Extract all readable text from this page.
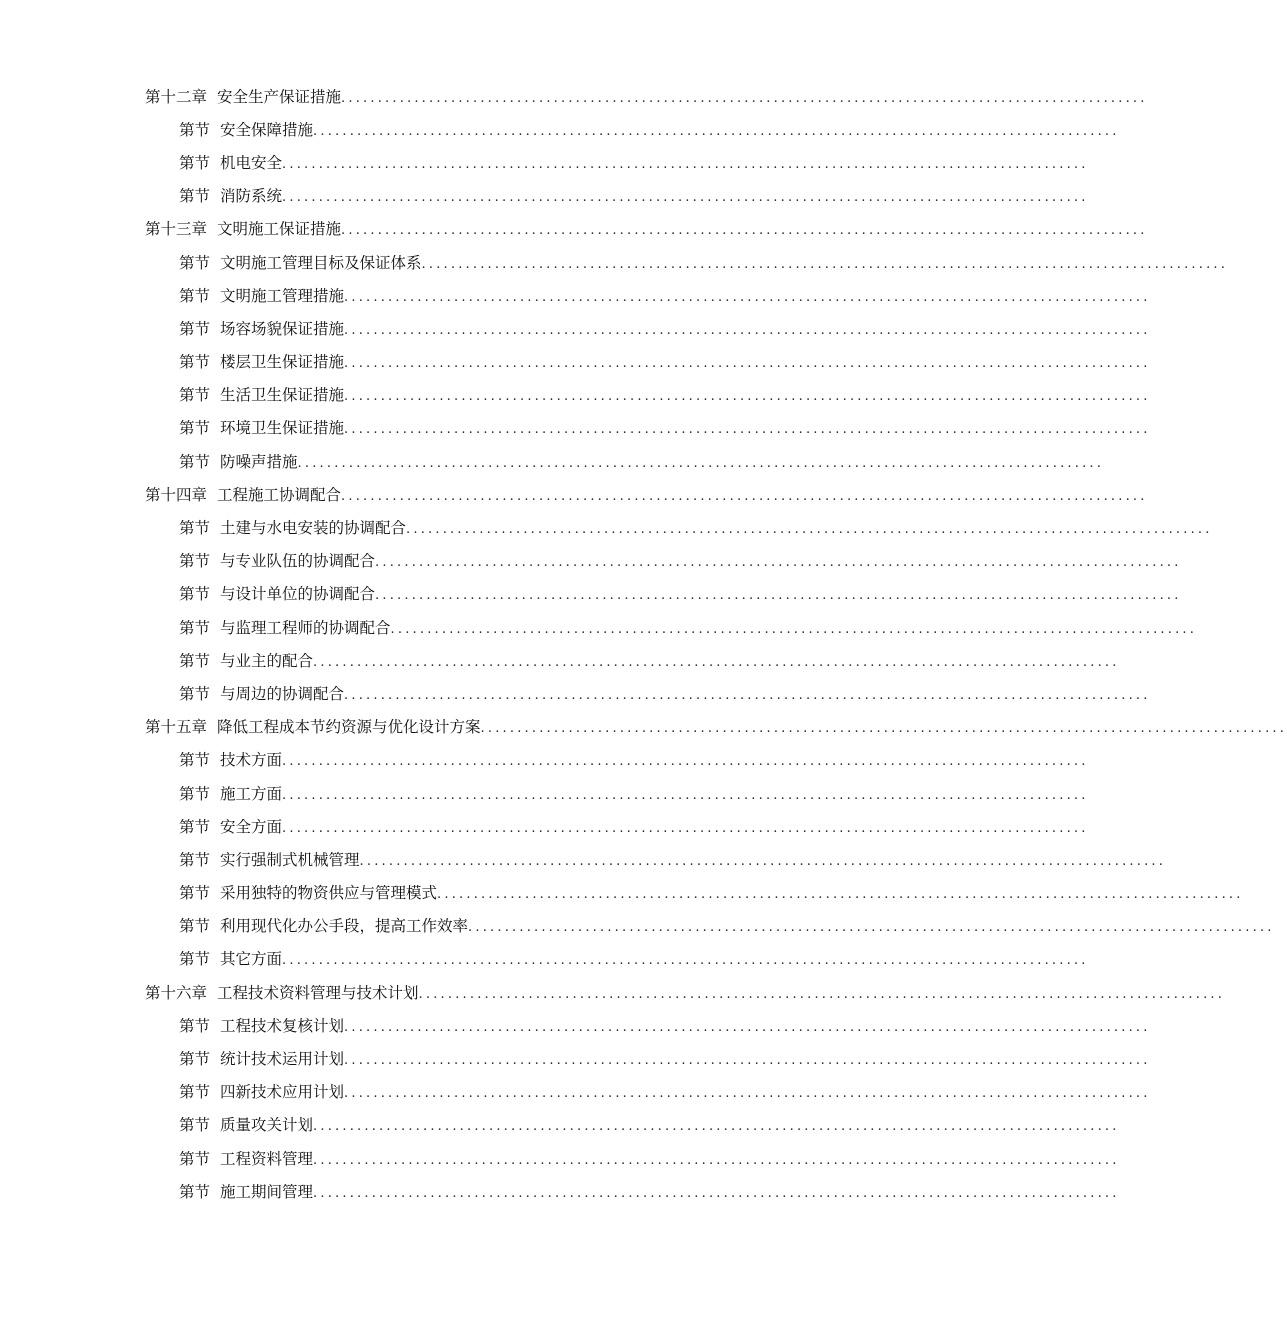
第十二章 安全生产保证措施 ..............................................................................................................
第节 安全保障措施 ..............................................................................................................
第节 机电安全 ..............................................................................................................
第节 消防系统 ..............................................................................................................
第十三章 文明施工保证措施 ..............................................................................................................
第节 文明施工管理目标及保证体系 ..............................................................................................................
第节 文明施工管理措施 ..............................................................................................................
第节 场容场貌保证措施 ..............................................................................................................
第节 楼层卫生保证措施 ..............................................................................................................
第节 生活卫生保证措施 ..............................................................................................................
第节 环境卫生保证措施 ..............................................................................................................
第节 防噪声措施 ..............................................................................................................
第十四章 工程施工协调配合 ..............................................................................................................
第节 土建与水电安装的协调配合 ..............................................................................................................
第节 与专业队伍的协调配合 ..............................................................................................................
第节 与设计单位的协调配合 ..............................................................................................................
第节 与监理工程师的协调配合 ..............................................................................................................
第节 与业主的配合 ..............................................................................................................
第节 与周边的协调配合 ..............................................................................................................
第十五章 降低工程成本节约资源与优化设计方案 ..............................................................................................................
第节 技术方面 ..............................................................................................................
第节 施工方面 ..............................................................................................................
第节 安全方面 ..............................................................................................................
第节 实行强制式机械管理 ..............................................................................................................
第节 采用独特的物资供应与管理模式 ..............................................................................................................
第节 利用现代化办公手段，提高工作效率 ..............................................................................................................
第节 其它方面 ..............................................................................................................
第十六章 工程技术资料管理与技术计划 ..............................................................................................................
第节 工程技术复核计划 ..............................................................................................................
第节 统计技术运用计划 ..............................................................................................................
第节 四新技术应用计划 ..............................................................................................................
第节 质量攻关计划 ..............................................................................................................
第节 工程资料管理 ..............................................................................................................
第节 施工期间管理 ..............................................................................................................
